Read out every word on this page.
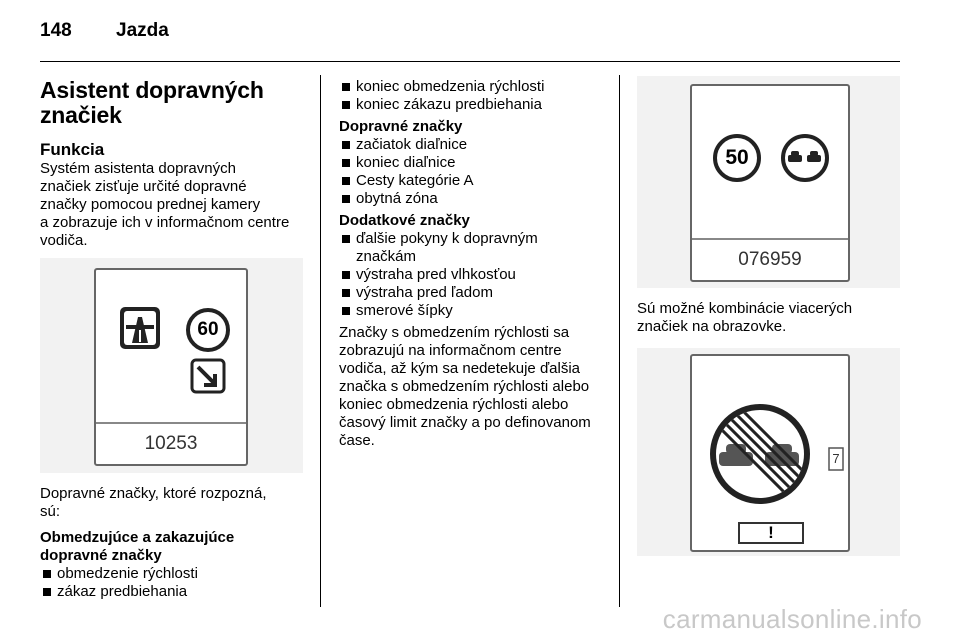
148 Jazda

Asistent dopravných
značiek

Funkcia

Systém asistenta dopravných
značiek zisťuje určité dopravné
značky pomocou prednej kamery
a zobrazuje ich v informačnom centre
vodiča.

60
10253

Dopravné značky, ktoré rozpozná,
sú:

Obmedzujúce a zakazujúce
dopravné značky

obmedzenie rýchlosti

zákaz predbiehania

koniec obmedzenia rýchlosti

koniec zákazu predbiehania

Dopravné značky

začiatok diaľnice

koniec diaľnice

Cesty kategórie A

obytná zóna

Dodatkové značky

ďalšie pokyny k dopravným
značkám

výstraha pred vlhkosťou

výstraha pred ľadom

smerové šípky

Značky s obmedzením rýchlosti sa
zobrazujú na informačnom centre
vodiča, až kým sa nedetekuje ďalšia
značka s obmedzením rýchlosti alebo
koniec obmedzenia rýchlosti alebo
časový limit značky a po definovanom
čase.

50
076959

Sú možné kombinácie viacerých
značiek na obrazovke.

7
!
carmanualsonline.info
